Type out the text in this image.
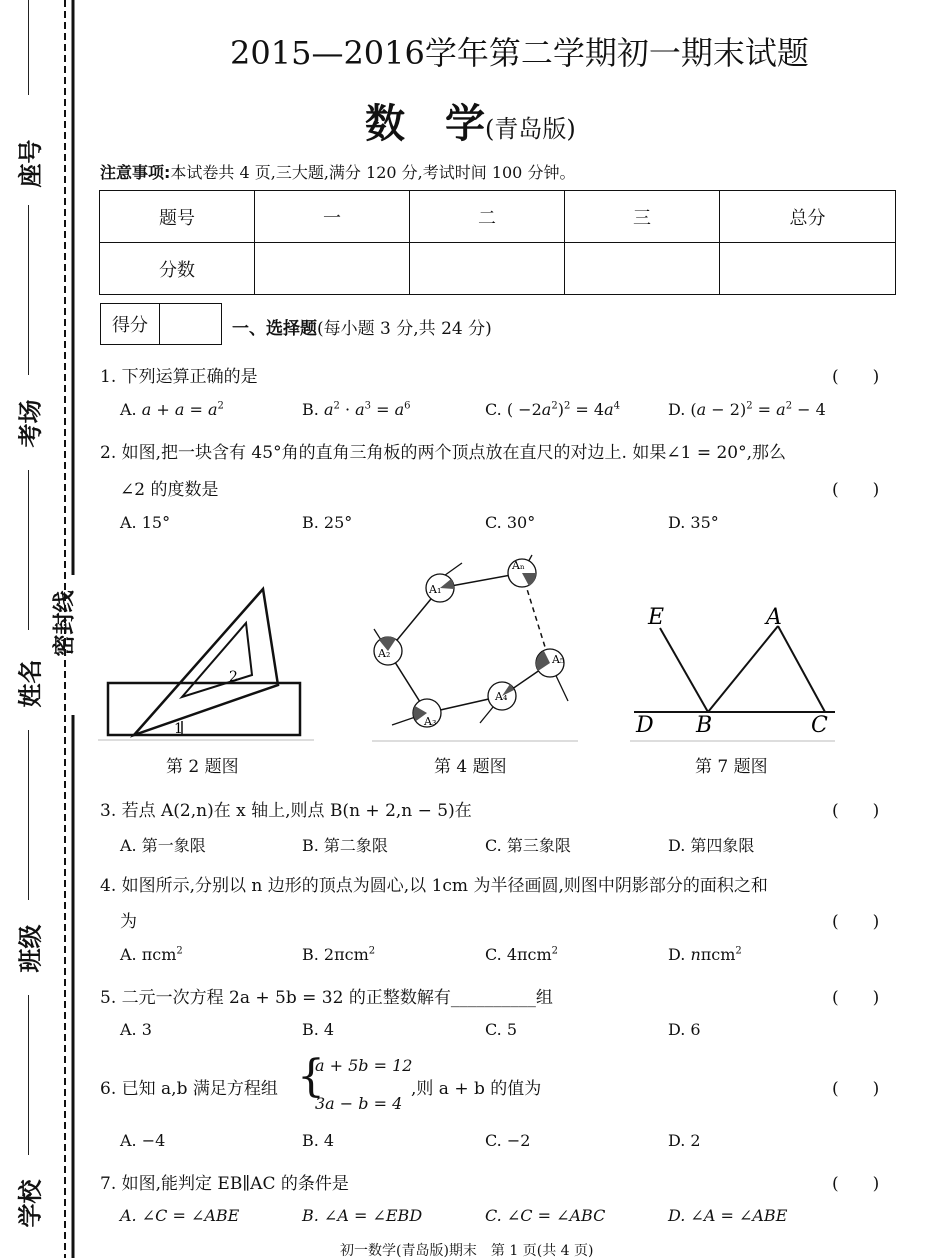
座号
考场
姓名
班级
学校
密封线
2015—2016学年第二学期初一期末试题
数　学(青岛版)
注意事项:本试卷共 4 页,三大题,满分 120 分,考试时间 100 分钟。
题号	一	二	三	总分
分数				
得分	一、选择题(每小题 3 分,共 24 分)
1. 下列运算正确的是	(　　)
A. $a + a = a^2$	B. $a^2 \cdot a^3 = a^6$	C. ( $-2a^2)^2 = 4a^4$	D. $(a - 2)^2 = a^2 - 4$
2. 如图,把一块含有 45°角的直角三角板的两个顶点放在直尺的对边上. 如果∠1 = 20°,那么
∠2 的度数是	(　　)
A. 15°	B. 25°	C. 30°	D. 35°
2
1
第 2 题图
A₁
A₂
A₃
A₄
A₅
Aₙ
第 4 题图
E	A
D B	C
第 7 题图
3. 若点 A(2,n)在 x 轴上,则点 B(n + 2,n − 5)在	(　　)
A. 第一象限	B. 第二象限	C. 第三象限	D. 第四象限
4. 如图所示,分别以 n 边形的顶点为圆心,以 1cm 为半径画圆,则图中阴影部分的面积之和
为	(　　)
A. πcm$^2$	B. 2πcm$^2$	C. 4πcm$^2$	D. nπcm$^2$
5. 二元一次方程 2a + 5b = 32 的正整数解有__________组	(　　)
A. 3	B. 4	C. 5	D. 6
6. 已知 a,b 满足方程组 {
a + 5b = 12
3a − b = 4
,则 a + b 的值为	(　　)
A. −4	B. 4	C. −2	D. 2
7. 如图,能判定 EB∥AC 的条件是	(　　)
A. ∠C = ∠ABE	B. ∠A = ∠EBD	C. ∠C = ∠ABC	D. ∠A = ∠ABE
初一数学(青岛版)期末　第 1 页(共 4 页)
